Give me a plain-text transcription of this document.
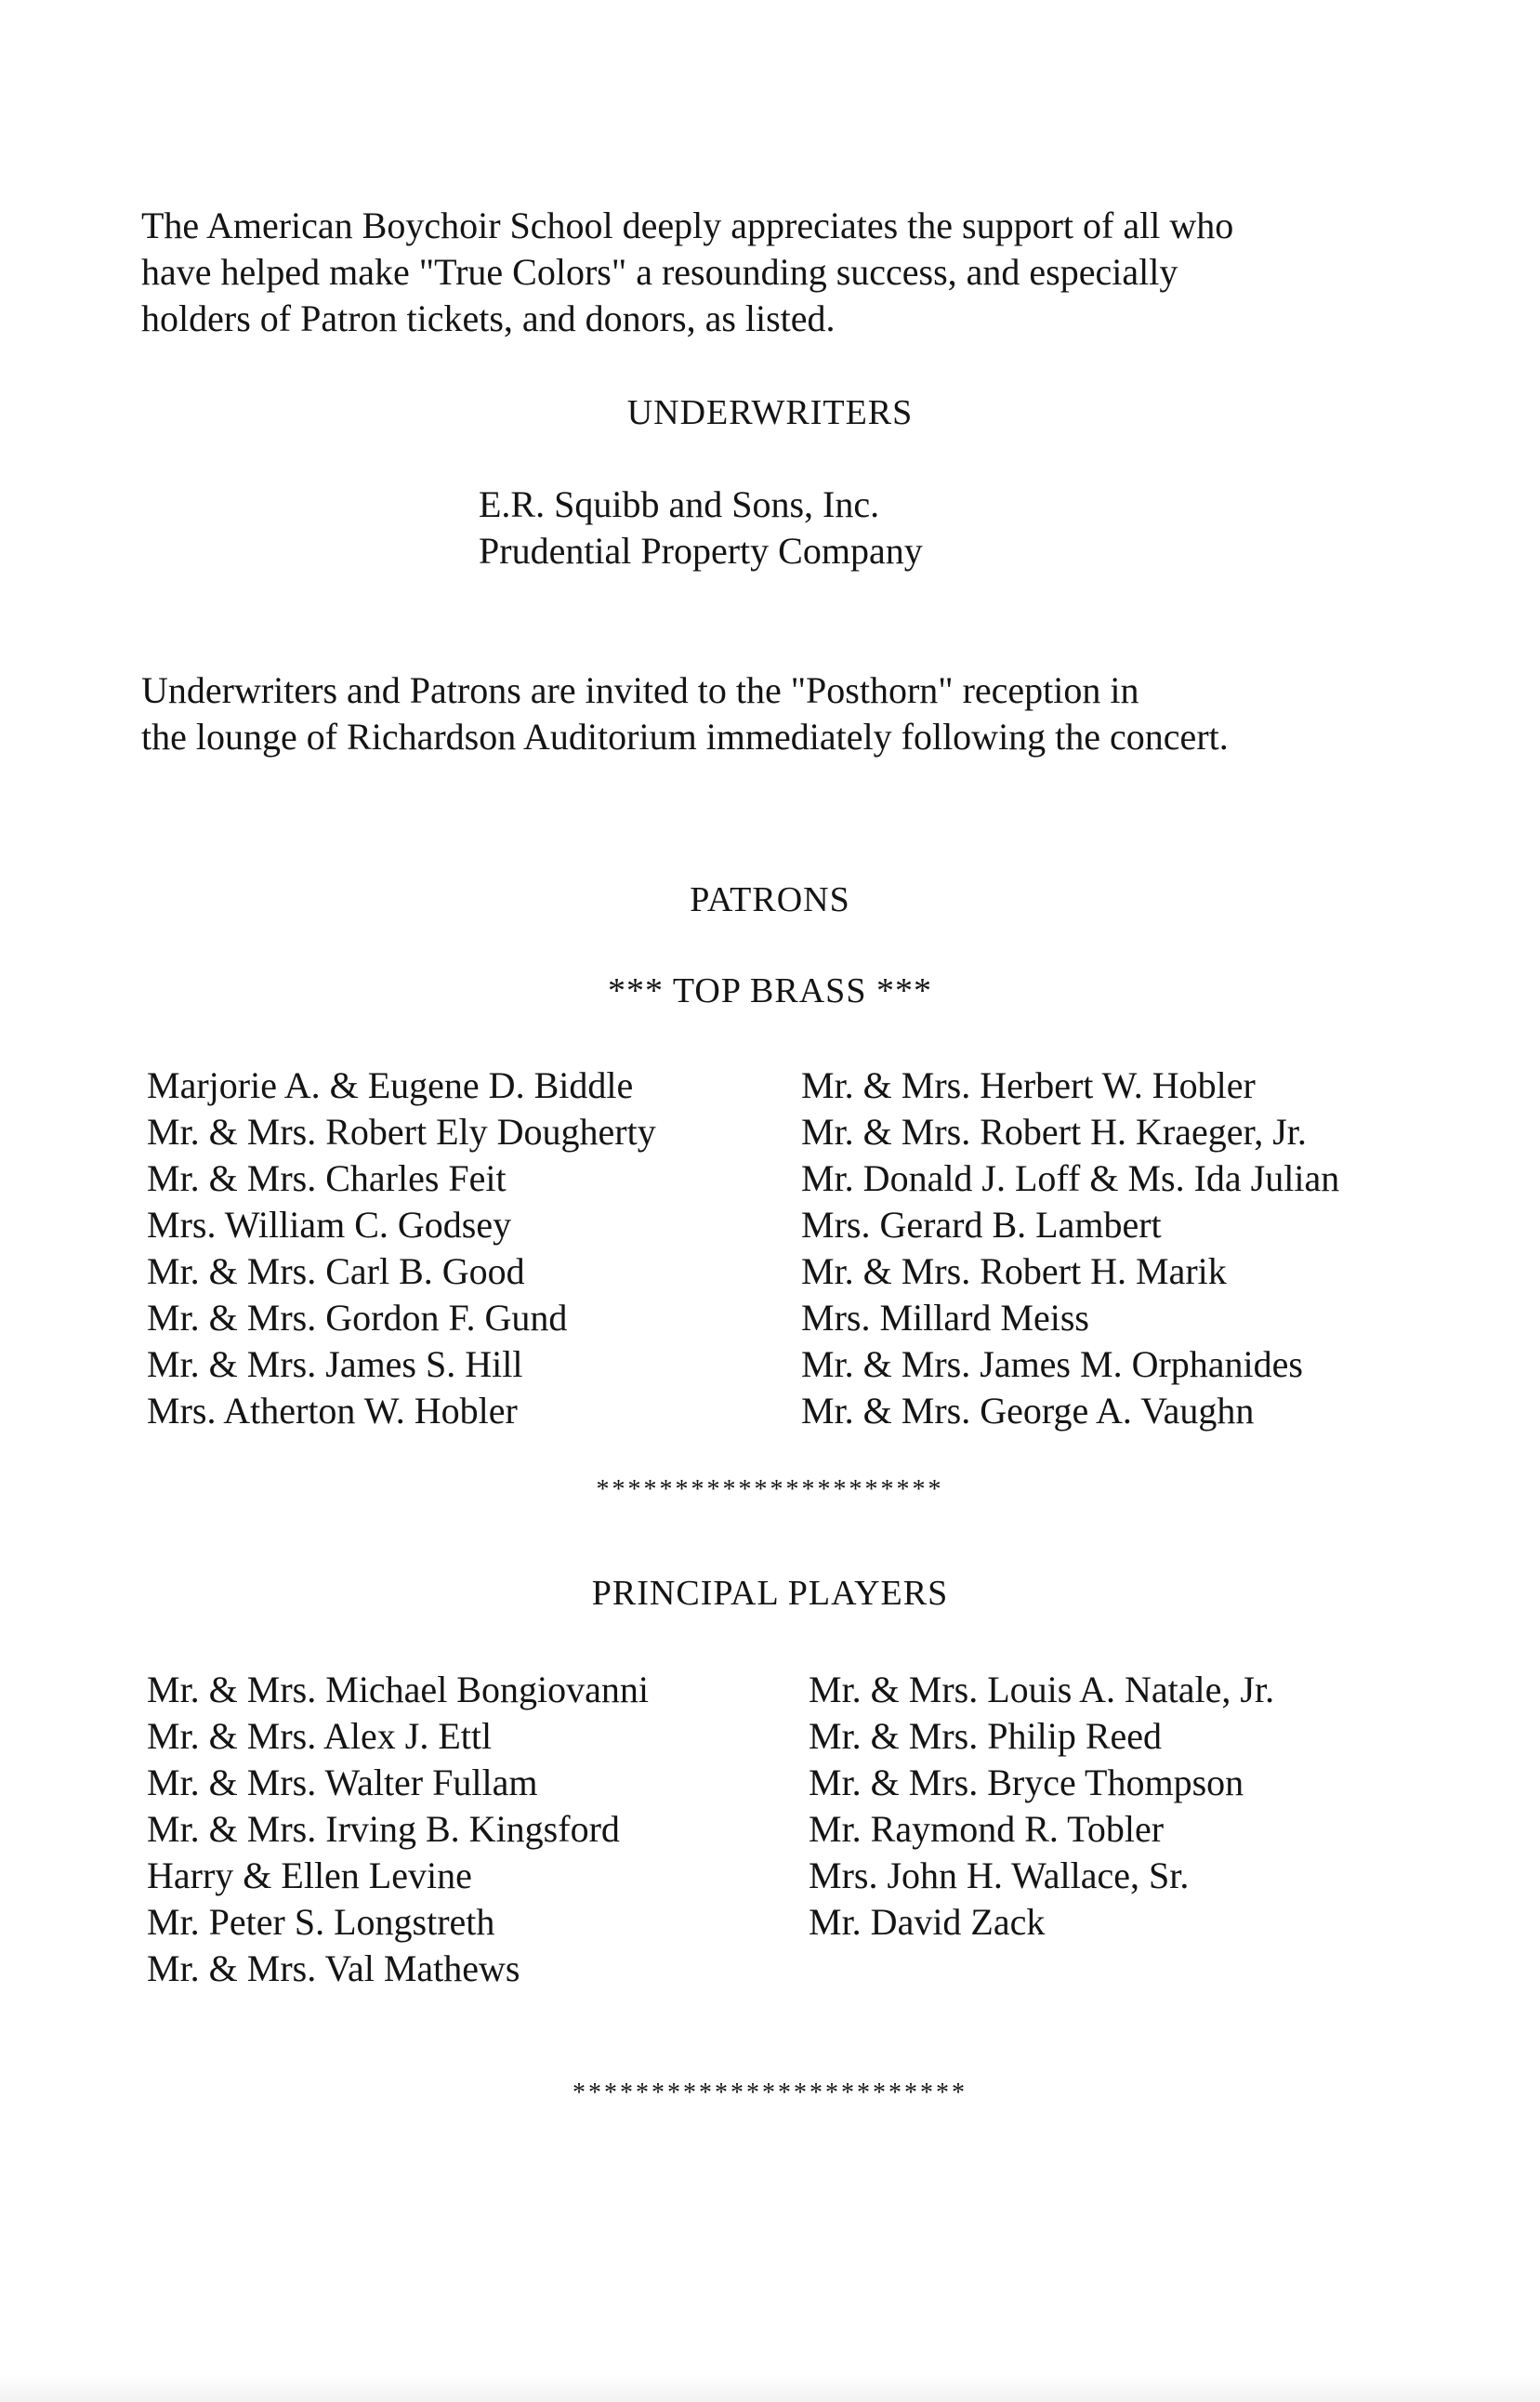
The American Boychoir School deeply appreciates the support of all who
have helped make "True Colors" a resounding success, and especially
holders of Patron tickets, and donors, as listed.

UNDERWRITERS
E.R. Squibb and Sons, Inc.
Prudential Property Company

Underwriters and Patrons are invited to the "Posthorn" reception in
the lounge of Richardson Auditorium immediately following the concert.

PATRONS
*** TOP BRASS ***
Marjorie A. & Eugene D. Biddle
Mr. & Mrs. Robert Ely Dougherty
Mr. & Mrs. Charles Feit
Mrs. William C. Godsey
Mr. & Mrs. Carl B. Good
Mr. & Mrs. Gordon F. Gund
Mr. & Mrs. James S. Hill
Mrs. Atherton W. Hobler
Mr. & Mrs. Herbert W. Hobler
Mr. & Mrs. Robert H. Kraeger, Jr.
Mr. Donald J. Loff & Ms. Ida Julian
Mrs. Gerard B. Lambert
Mr. & Mrs. Robert H. Marik
Mrs. Millard Meiss
Mr. & Mrs. James M. Orphanides
Mr. & Mrs. George A. Vaughn

**********************

PRINCIPAL PLAYERS
Mr. & Mrs. Michael Bongiovanni
Mr. & Mrs. Alex J. Ettl
Mr. & Mrs. Walter Fullam
Mr. & Mrs. Irving B. Kingsford
Harry & Ellen Levine
Mr. Peter S. Longstreth
Mr. & Mrs. Val Mathews
Mr. & Mrs. Louis A. Natale, Jr.
Mr. & Mrs. Philip Reed
Mr. & Mrs. Bryce Thompson
Mr. Raymond R. Tobler
Mrs. John H. Wallace, Sr.
Mr. David Zack

*************************
